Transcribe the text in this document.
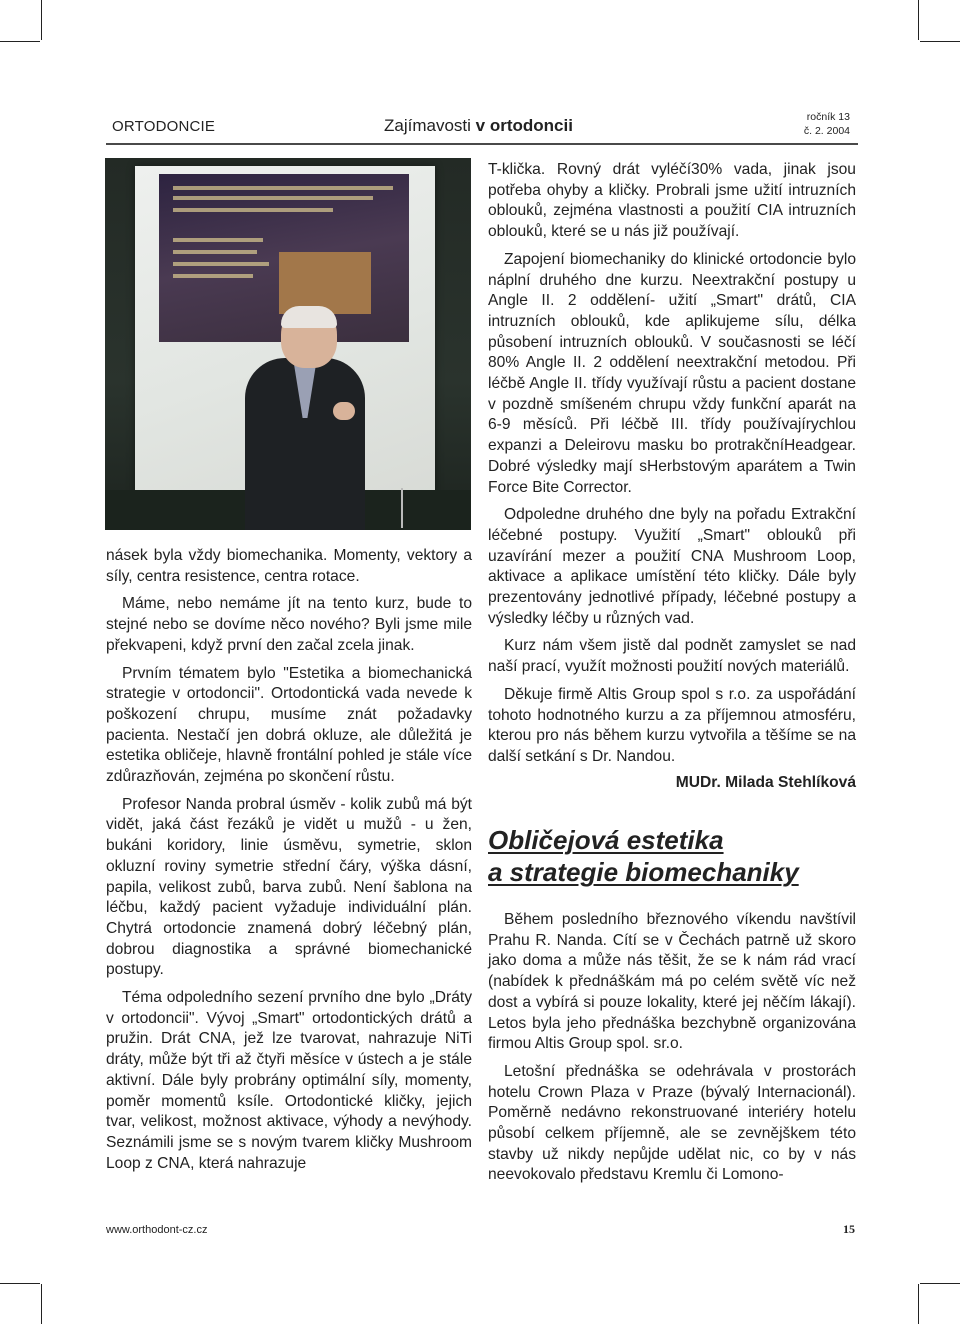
ORTODONCIE	Zajímavosti v ortodoncii	ročník 13
č. 2. 2004

násek byla vždy biomechanika. Momenty, vektory a síly, centra resistence, centra rotace.

Máme, nebo nemáme jít na tento kurz, bude to stejné nebo se dovíme něco nového? Byli jsme mile překvapeni, když první den začal zcela jinak.

Prvním tématem bylo "Estetika a biomechanická strategie v ortodoncii". Ortodontická vada nevede k poškození chrupu, musíme znát požadavky pacienta. Nestačí jen dobrá okluze, ale důležitá je estetika obličeje, hlavně frontální pohled je stále více zdůrazňován, zejména po skončení růstu.

Profesor Nanda probral úsměv - kolik zubů má být vidět, jaká část řezáků je vidět u mužů - u žen, bukáni koridory, linie úsměvu, symetrie, sklon okluzní roviny symetrie střední čáry, výška dásní, papila, velikost zubů, barva zubů. Není šablona na léčbu, každý pacient vyžaduje individuální plán. Chytrá ortodoncie znamená dobrý léčebný plán, dobrou diagnostika a správné biomechanické postupy.

Téma odpoledního sezení prvního dne bylo „Dráty v ortodoncii". Vývoj „Smart" ortodontických drátů a pružin. Drát CNA, jež lze tvarovat, nahrazuje NiTi dráty, může být tři až čtyři měsíce v ústech a je stále aktivní. Dále byly probrány optimální síly, momenty, poměr momentů ksíle. Ortodontické kličky, jejich tvar, velikost, možnost aktivace, výhody a nevýhody. Seznámili jsme se s novým tvarem kličky Mushroom Loop z CNA, která nahrazuje

T-klička. Rovný drát vyléčí30% vada, jinak jsou potřeba ohyby a kličky. Probrali jsme užití intruzních oblouků, zejména vlastnosti a použití CIA intruzních oblouků, které se u nás již používají.

Zapojení biomechaniky do klinické ortodoncie bylo náplní druhého dne kurzu. Neextrakční postupy u Angle II. 2 oddělení- užití „Smart" drátů, CIA intruzních oblouků, kde aplikujeme sílu, délka působení intruzních oblouků. V současnosti se léčí 80% Angle II. 2 oddělení neextrakční metodou. Při léčbě Angle II. třídy využívají růstu a pacient dostane v pozdně smíšeném chrupu vždy funkční aparát na 6-9 měsíců. Při léčbě III. třídy používajírychlou expanzi a Deleirovu masku bo protrakčníHeadgear. Dobré výsledky mají sHerbstovým aparátem a Twin Force Bite Corrector.

Odpoledne druhého dne byly na pořadu Extrakční léčebné postupy. Využití „Smart" oblouků při uzavírání mezer a použití CNA Mushroom Loop, aktivace a aplikace umístění této kličky. Dále byly prezentovány jednotlivé případy, léčebné postupy a výsledky léčby u různých vad.

Kurz nám všem jistě dal podnět zamyslet se nad naší prací, využít možnosti použití nových materiálů.

Děkuje firmě Altis Group spol s r.o. za uspořádání tohoto hodnotného kurzu a za příjemnou atmosféru, kterou pro nás během kurzu vytvořila a těšíme se na další setkání s Dr. Nandou.

MUDr. Milada Stehlíková
Obličejová estetika
a strategie biomechaniky

Během posledního březnového víkendu navštívil Prahu R. Nanda. Cítí se v Čechách patrně už skoro jako doma a může nás těšit, že se k nám rád vrací (nabídek k přednáškám má po celém světě víc než dost a vybírá si pouze lokality, které jej něčím lákají). Letos byla jeho přednáška bezchybně organizována firmou Altis Group spol. sr.o.

Letošní přednáška se odehrávala v prostorách hotelu Crown Plaza v Praze (bývalý Internacionál). Poměrně nedávno rekonstruované interiéry hotelu působí celkem příjemně, ale se zevnějškem této stavby už nikdy nepůjde udělat nic, co by v nás neevokovalo představu Kremlu či Lomono-

www.orthodont-cz.cz	15
